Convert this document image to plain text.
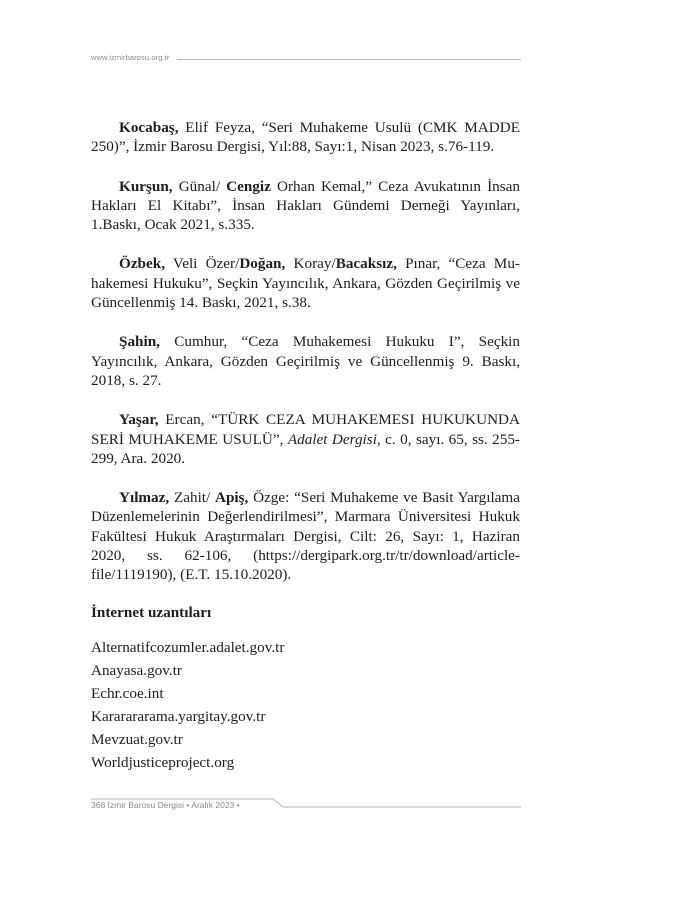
www.izmirbarosu.org.tr

Kocabaş, Elif Feyza, “Seri Muhakeme Usulü (CMK MADDE 250)”, İzmir Barosu Dergisi, Yıl:88, Sayı:1, Nisan 2023, s.76-119.

Kurşun, Günal/ Cengiz Orhan Kemal,” Ceza Avukatının İnsan Hakları El Kitabı”, İnsan Hakları Gündemi Derneği Yayınları, 1.Baskı, Ocak 2021, s.335.

Özbek, Veli Özer/Doğan, Koray/Bacaksız, Pınar, “Ceza Muhakemesi Hukuku”, Seçkin Yayıncılık, Ankara, Gözden Geçirilmiş ve Güncellenmiş 14. Baskı, 2021, s.38.

Şahin, Cumhur, “Ceza Muhakemesi Hukuku I”, Seçkin Yayıncılık, Ankara, Gözden Geçirilmiş ve Güncellenmiş 9. Baskı, 2018, s. 27.

Yaşar, Ercan, “TÜRK CEZA MUHAKEMESI HUKUKUNDA SERİ MUHAKEME USULÜ”, Adalet Dergisi, c. 0, sayı. 65, ss. 255-299, Ara. 2020.

Yılmaz, Zahit/ Apiş, Özge: “Seri Muhakeme ve Basit Yargılama Düzenlemelerinin Değerlendirilmesi”, Marmara Üniversitesi Hukuk Fakültesi Hukuk Araştırmaları Dergisi, Cilt: 26, Sayı: 1, Haziran 2020, ss. 62-106, (https://dergipark.org.tr/tr/download/article-file/1119190), (E.T. 15.10.2020).

İnternet uzantıları

Alternatifcozumler.adalet.gov.tr

Anayasa.gov.tr

Echr.coe.int

Kararararama.yargitay.gov.tr

Mevzuat.gov.tr

Worldjusticeproject.org

368 İzmir Barosu Dergisi • Aralık 2023 •
